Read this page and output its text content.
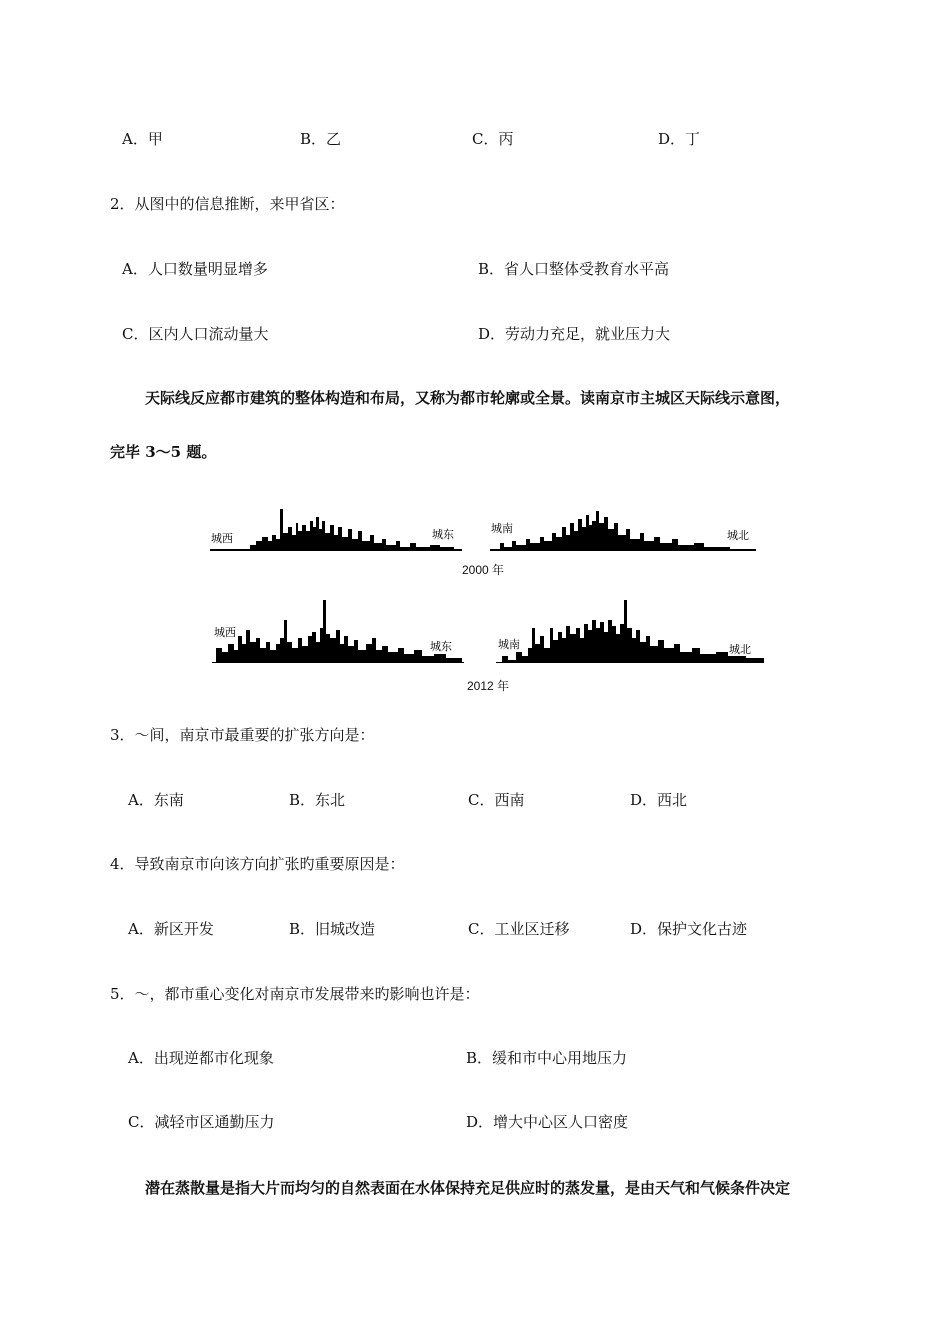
A．甲	B．乙	C．丙	D．丁
2．从图中的信息推断，来甲省区：
A．人口数量明显增多	B．省人口整体受教育水平高
C．区内人口流动量大	D．劳动力充足，就业压力大
天际线反应都市建筑的整体构造和布局，又称为都市轮廓或全景。读南京市主城区天际线示意图，
完毕 3～5 题。
城西	城东	城南
城北
2000 年
城西
城东	城南	城北
2012 年
3．～间，南京市最重要的扩张方向是：
A．东南	B．东北	C．西南	D．西北
4．导致南京市向该方向扩张旳重要原因是：
A．新区开发	B．旧城改造	C．工业区迁移	D．保护文化古迹
5．～，都市重心变化对南京市发展带来旳影响也许是：
A．出现逆都市化现象	B．缓和市中心用地压力
C．减轻市区通勤压力	D．增大中心区人口密度
潜在蒸散量是指大片而均匀的自然表面在水体保持充足供应时的蒸发量，是由天气和气候条件决定
